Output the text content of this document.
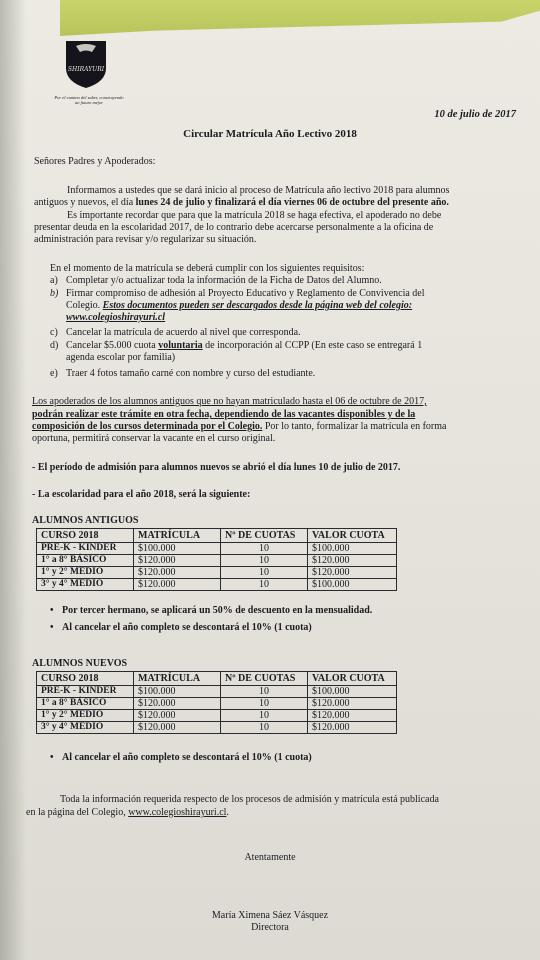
SHIRAYURI
Por el camino del saber, construyendo un futuro mejor
10 de julio de 2017
Circular Matrícula Año Lectivo 2018
Señores Padres y Apoderados:
Informamos a ustedes que se dará inicio al proceso de Matrícula año lectivo 2018 para alumnos
antiguos y nuevos, el día lunes 24 de julio y finalizará el día viernes 06 de octubre del presente año.
Es importante recordar que para que la matrícula 2018 se haga efectiva, el apoderado no debe
presentar deuda en la escolaridad 2017, de lo contrario debe acercarse personalmente a la oficina de
administración para revisar y/o regularizar su situación.
En el momento de la matrícula se deberá cumplir con los siguientes requisitos:
a) Completar y/o actualizar toda la información de la Ficha de Datos del Alumno.
b) Firmar compromiso de adhesión al Proyecto Educativo y Reglamento de Convivencia del
Colegio. Estos documentos pueden ser descargados desde la página web del colegio:
www.colegioshirayuri.cl
c) Cancelar la matrícula de acuerdo al nivel que corresponda.
d) Cancelar $5.000 cuota voluntaria de incorporación al CCPP (En este caso se entregará 1
agenda escolar por familia)
e) Traer 4 fotos tamaño carné con nombre y curso del estudiante.
Los apoderados de los alumnos antiguos que no hayan matriculado hasta el 06 de octubre de 2017,
podrán realizar este trámite en otra fecha, dependiendo de las vacantes disponibles y de la
composición de los cursos determinada por el Colegio. Por lo tanto, formalizar la matrícula en forma
oportuna, permitirá conservar la vacante en el curso original.
- El período de admisión para alumnos nuevos se abrió el día lunes 10 de julio de 2017.
- La escolaridad para el año 2018, será la siguiente:
ALUMNOS ANTIGUOS
CURSO 2018	MATRÍCULA	Nº DE CUOTAS	VALOR CUOTA
PRE-K - KINDER	$100.000	10	$100.000
1° a 8° BÁSICO	$120.000	10	$120.000
1° y 2° MEDIO	$120.000	10	$120.000
3° y 4° MEDIO	$120.000	10	$100.000
• Por tercer hermano, se aplicará un 50% de descuento en la mensualidad.
• Al cancelar el año completo se descontará el 10% (1 cuota)
ALUMNOS NUEVOS
CURSO 2018	MATRÍCULA	Nº DE CUOTAS	VALOR CUOTA
PRE-K - KINDER	$100.000	10	$100.000
1° a 8° BÁSICO	$120.000	10	$120.000
1° y 2° MEDIO	$120.000	10	$120.000
3° y 4° MEDIO	$120.000	10	$120.000
• Al cancelar el año completo se descontará el 10% (1 cuota)
Toda la información requerida respecto de los procesos de admisión y matrícula está publicada
en la página del Colegio, www.colegioshirayuri.cl.
Atentamente
María Ximena Sáez Vásquez
Directora
